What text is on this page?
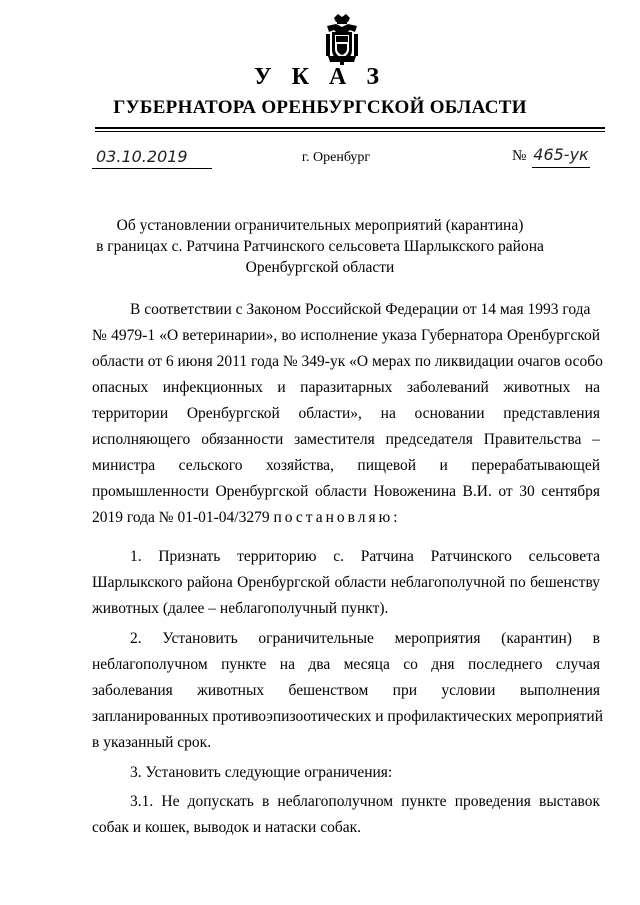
У К А З
ГУБЕРНАТОРА ОРЕНБУРГСКОЙ ОБЛАСТИ
03.10.2019	г. Оренбург	№ 465-ук
Об установлении ограничительных мероприятий (карантина)
в границах с. Ратчина Ратчинского сельсовета Шарлыкского района
Оренбургской области
В соответствии с Законом Российской Федерации от 14 мая 1993 года
№ 4979-1 «О ветеринарии», во исполнение указа Губернатора Оренбургской
области от 6 июня 2011 года № 349-ук «О мерах по ликвидации очагов особо
опасных инфекционных и паразитарных заболеваний животных на
территории Оренбургской области», на основании представления
исполняющего обязанности заместителя председателя Правительства –
министра сельского хозяйства, пищевой и перерабатывающей
промышленности Оренбургской области Новоженина В.И. от 30 сентября
2019 года № 01-01-04/3279 постановляю:
1. Признать территорию с. Ратчина Ратчинского сельсовета
Шарлыкского района Оренбургской области неблагополучной по бешенству
животных (далее – неблагополучный пункт).
2. Установить ограничительные мероприятия (карантин) в
неблагополучном пункте на два месяца со дня последнего случая
заболевания животных бешенством при условии выполнения
запланированных противоэпизоотических и профилактических мероприятий
в указанный срок.
3. Установить следующие ограничения:
3.1. Не допускать в неблагополучном пункте проведения выставок
собак и кошек, выводок и натаски собак.
